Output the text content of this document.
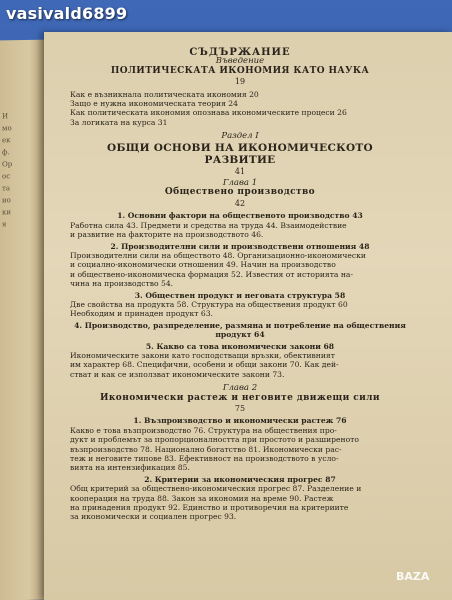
И
мо
ек
ф.
Ор
ос
та
ио
ки
я
vasivald6899
СЪДЪРЖАНИЕ
Въведение
ПОЛИТИЧЕСКАТА ИКОНОМИЯ КАТО НАУКА
19
Как е възникнала политическата икономия 20
Защо е нужна икономическата теория 24
Как политическата икономия опознава икономическите процеси 26
За логиката на курса 31
Раздел I
ОБЩИ ОСНОВИ НА ИКОНОМИЧЕСКОТО РАЗВИТИЕ
41
Глава 1
Обществено производство
42
1. Основни фактори на общественото производство 43
Работна сила 43. Предмети и средства на труда 44. Взаимодействие
и развитие на факторите на производството 46.
2. Производителни сили и производствени отношения 48
Производителни сили на обществото 48. Организационно-икономически
и социално-икономически отношения 49. Начин на производство
и обществено-икономическа формация 52. Известия от историята на-
чина на производство 54.
3. Обществен продукт и неговата структура 58
Две свойства на продукта 58. Структура на обществения продукт 60
Необходим и принаден продукт 63.
4. Производство, разпределение, размяна и потребление на обществения продукт 64
5. Какво са това икономически закони 68
Икономическите закони като господстващи връзки, обективният
им характер 68. Специфични, особени и общи закони 70. Как дей-
стват и как се използват икономическите закони 73.
Глава 2
Икономически растеж и неговите движещи сили
75
1. Възпроизводство и икономически растеж 76
Какво е това възпроизводство 76. Структура на обществения про-
дукт и проблемът за пропорционалността при простото и разширеното
възпроизводство 78. Национално богатство 81. Икономически рас-
теж и неговите типове 83. Ефективност на производството в усло-
вията на интензификация 85.
2. Критерии за икономическия прогрес 87
Общ критерий за обществено-икономическия прогрес 87. Разделение и
кооперация на труда 88. Закон за икономия на време 90. Растеж
на принадения продукт 92. Единство и противоречия на критериите
за икономически и социален прогрес 93.
BAZA
